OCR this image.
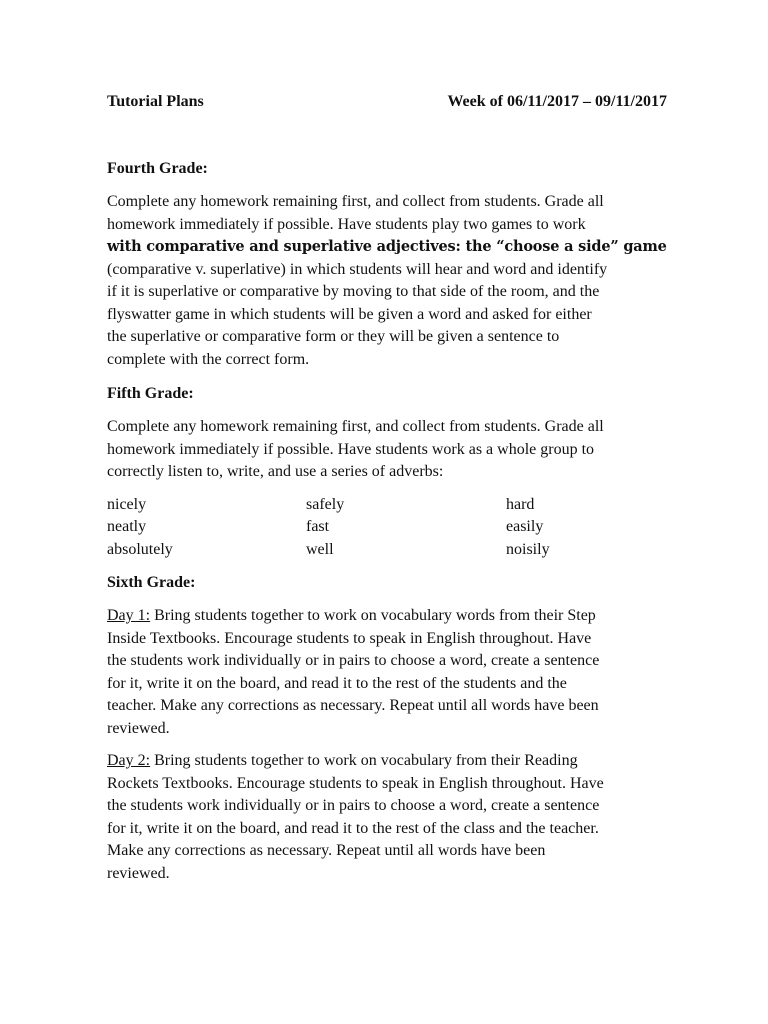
Tutorial Plans	Week of 06/11/2017 – 09/11/2017
Fourth Grade:

Complete any homework remaining first, and collect from students. Grade all
homework immediately if possible. Have students play two games to work
with comparative and superlative adjectives: the “choose a side” game
(comparative v. superlative) in which students will hear and word and identify
if it is superlative or comparative by moving to that side of the room, and the
flyswatter game in which students will be given a word and asked for either
the superlative or comparative form or they will be given a sentence to
complete with the correct form.

Fifth Grade:

Complete any homework remaining first, and collect from students. Grade all
homework immediately if possible. Have students work as a whole group to
correctly listen to, write, and use a series of adverbs:

nicely	safely	hard
neatly	fast	easily
absolutely	well	noisily
Sixth Grade:

Day 1: Bring students together to work on vocabulary words from their Step
Inside Textbooks. Encourage students to speak in English throughout. Have
the students work individually or in pairs to choose a word, create a sentence
for it, write it on the board, and read it to the rest of the students and the
teacher. Make any corrections as necessary. Repeat until all words have been
reviewed.

Day 2: Bring students together to work on vocabulary from their Reading
Rockets Textbooks. Encourage students to speak in English throughout. Have
the students work individually or in pairs to choose a word, create a sentence
for it, write it on the board, and read it to the rest of the class and the teacher.
Make any corrections as necessary. Repeat until all words have been
reviewed.
